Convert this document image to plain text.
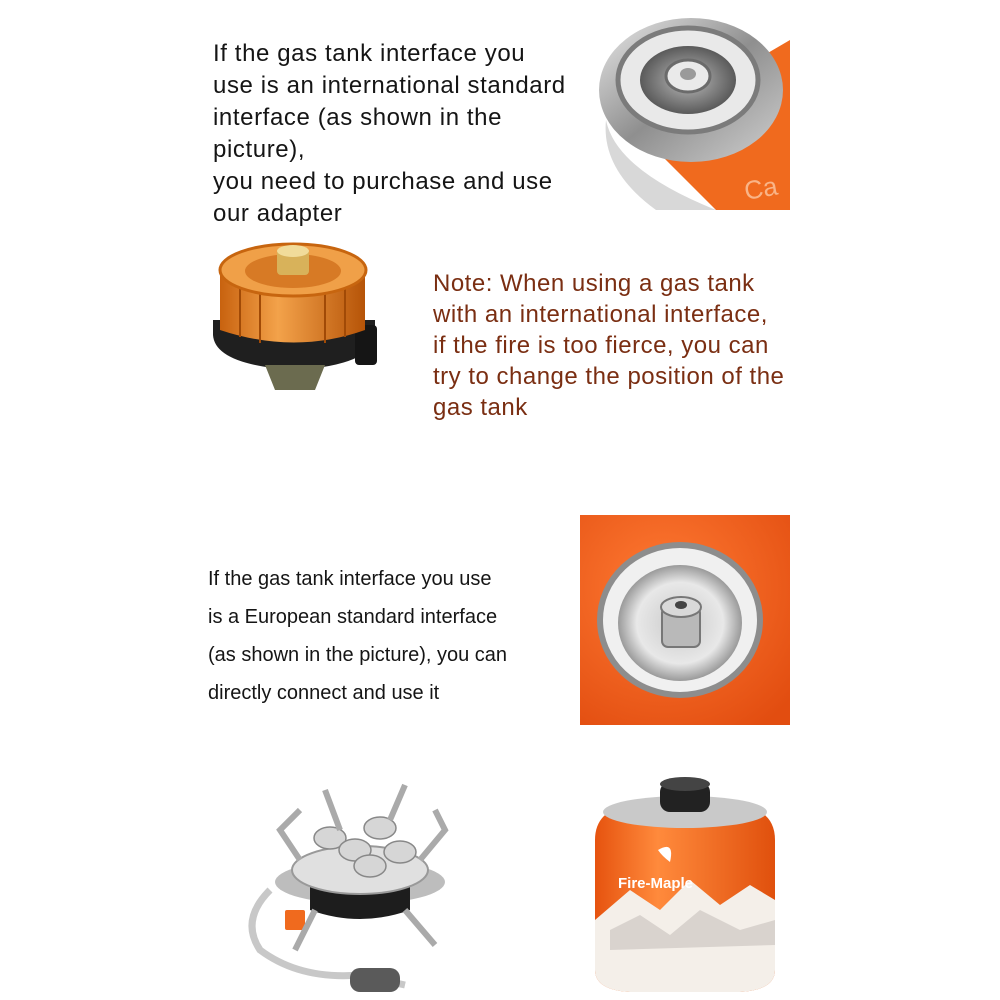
If the gas tank interface you

use is an international standard

interface (as shown in the picture),

you need to purchase and use

our adapter

Ca

Note: When using a gas tank

with an international interface,

if the fire is too fierce, you can

try to change the position of the

gas tank

If the gas tank interface you use

is a European standard interface

(as shown in the picture), you can

directly connect and use it

Fire-Maple
